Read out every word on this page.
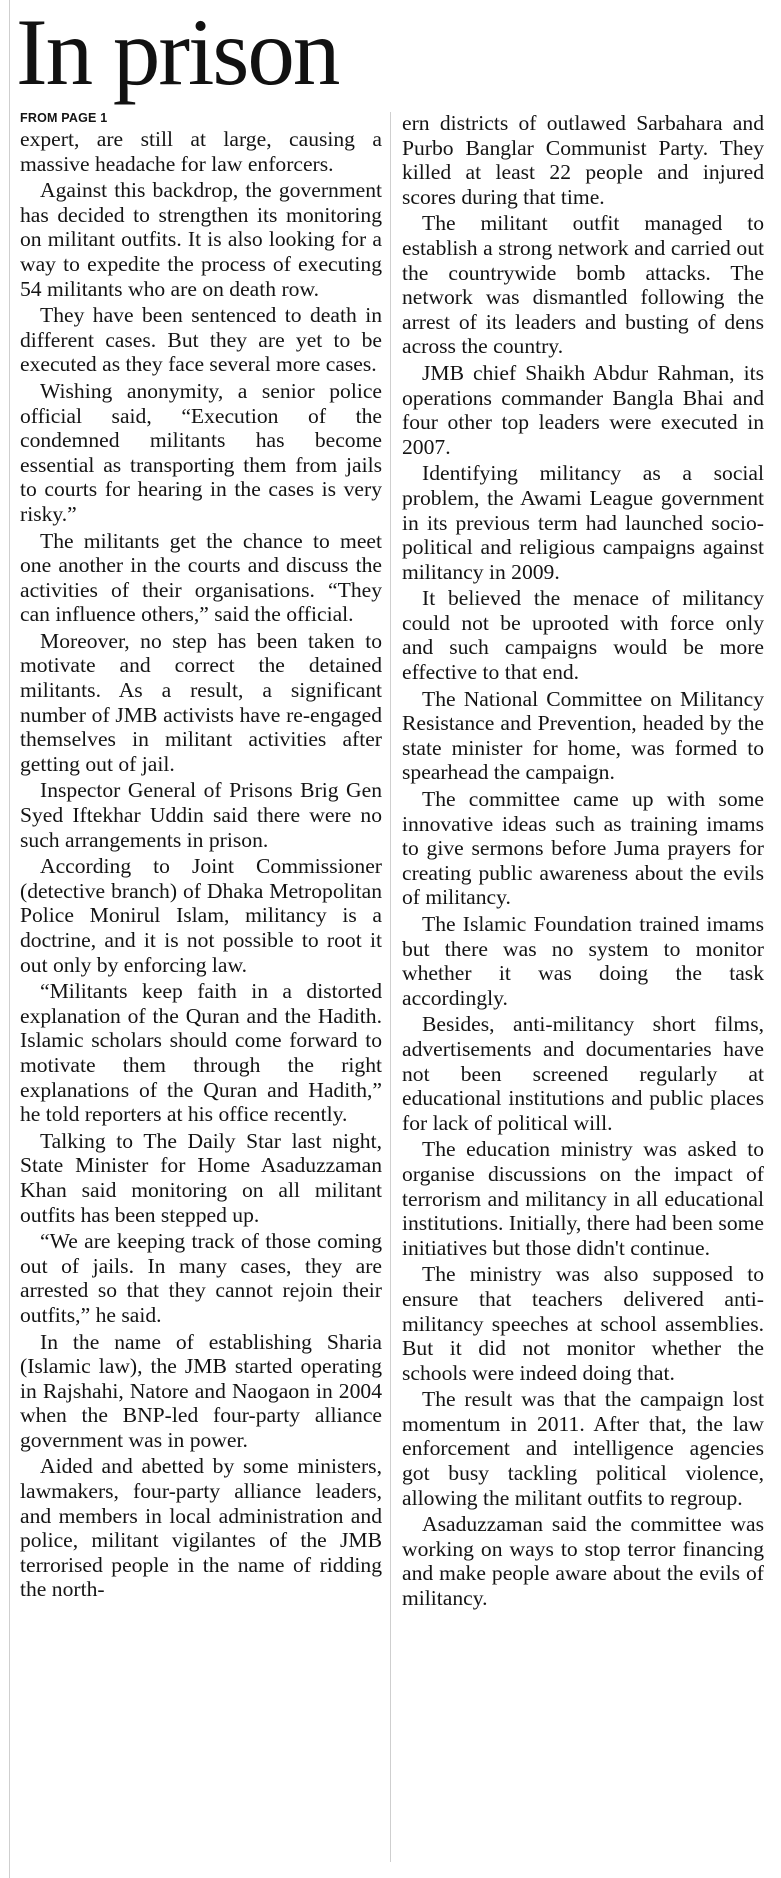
In prison
FROM PAGE 1

expert, are still at large, causing a massive headache for law enforcers.

Against this backdrop, the government has decided to strengthen its monitoring on militant outfits. It is also looking for a way to expedite the process of executing 54 militants who are on death row.

They have been sentenced to death in different cases. But they are yet to be executed as they face several more cases.

Wishing anonymity, a senior police official said, “Execution of the condemned militants has become essential as transporting them from jails to courts for hearing in the cases is very risky.”

The militants get the chance to meet one another in the courts and discuss the activities of their organisations. “They can influence others,” said the official.

Moreover, no step has been taken to motivate and correct the detained militants. As a result, a significant number of JMB activists have re-engaged themselves in militant activities after getting out of jail.

Inspector General of Prisons Brig Gen Syed Iftekhar Uddin said there were no such arrangements in prison.

According to Joint Commissioner (detective branch) of Dhaka Metropolitan Police Monirul Islam, militancy is a doctrine, and it is not possible to root it out only by enforcing law.

“Militants keep faith in a distorted explanation of the Quran and the Hadith. Islamic scholars should come forward to motivate them through the right explanations of the Quran and Hadith,” he told reporters at his office recently.

Talking to The Daily Star last night, State Minister for Home Asaduzzaman Khan said monitoring on all militant outfits has been stepped up.

“We are keeping track of those coming out of jails. In many cases, they are arrested so that they cannot rejoin their outfits,” he said.

In the name of establishing Sharia (Islamic law), the JMB started operating in Rajshahi, Natore and Naogaon in 2004 when the BNP-led four-party alliance government was in power.

Aided and abetted by some ministers, lawmakers, four-party alliance leaders, and members in local administration and police, militant vigilantes of the JMB terrorised people in the name of ridding the north-

ern districts of outlawed Sarbahara and Purbo Banglar Communist Party. They killed at least 22 people and injured scores during that time.

The militant outfit managed to establish a strong network and carried out the countrywide bomb attacks. The network was dismantled following the arrest of its leaders and busting of dens across the country.

JMB chief Shaikh Abdur Rahman, its operations commander Bangla Bhai and four other top leaders were executed in 2007.

Identifying militancy as a social problem, the Awami League government in its previous term had launched socio-political and religious campaigns against militancy in 2009.

It believed the menace of militancy could not be uprooted with force only and such campaigns would be more effective to that end.

The National Committee on Militancy Resistance and Prevention, headed by the state minister for home, was formed to spearhead the campaign.

The committee came up with some innovative ideas such as training imams to give sermons before Juma prayers for creating public awareness about the evils of militancy.

The Islamic Foundation trained imams but there was no system to monitor whether it was doing the task accordingly.

Besides, anti-militancy short films, advertisements and documentaries have not been screened regularly at educational institutions and public places for lack of political will.

The education ministry was asked to organise discussions on the impact of terrorism and militancy in all educational institutions. Initially, there had been some initiatives but those didn't continue.

The ministry was also supposed to ensure that teachers delivered anti-militancy speeches at school assemblies. But it did not monitor whether the schools were indeed doing that.

The result was that the campaign lost momentum in 2011. After that, the law enforcement and intelligence agencies got busy tackling political violence, allowing the militant outfits to regroup.

Asaduzzaman said the committee was working on ways to stop terror financing and make people aware about the evils of militancy.
